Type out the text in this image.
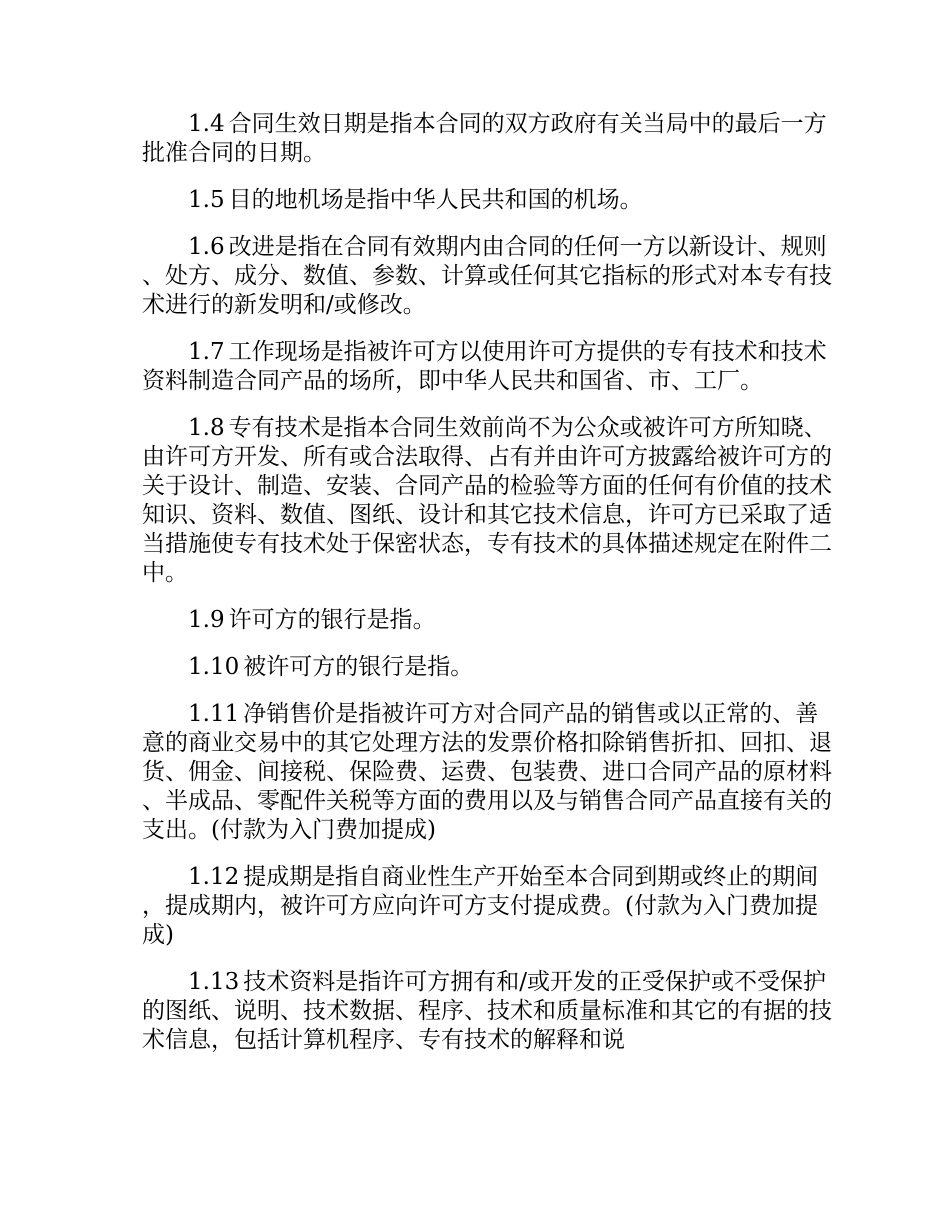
1.4 合同生效日期是指本合同的双方政府有关当局中的最后一方批准合同的日期。

1.5 目的地机场是指中华人民共和国的机场。

1.6 改进是指在合同有效期内由合同的任何一方以新设计、规则、处方、成分、数值、参数、计算或任何其它指标的形式对本专有技术进行的新发明和/或修改。

1.7 工作现场是指被许可方以使用许可方提供的专有技术和技术资料制造合同产品的场所，即中华人民共和国省、市、工厂。

1.8 专有技术是指本合同生效前尚不为公众或被许可方所知晓、由许可方开发、所有或合法取得、占有并由许可方披露给被许可方的关于设计、制造、安装、合同产品的检验等方面的任何有价值的技术知识、资料、数值、图纸、设计和其它技术信息，许可方已采取了适当措施使专有技术处于保密状态，专有技术的具体描述规定在附件二中。

1.9 许可方的银行是指。

1.10 被许可方的银行是指。

1.11 净销售价是指被许可方对合同产品的销售或以正常的、善意的商业交易中的其它处理方法的发票价格扣除销售折扣、回扣、退货、佣金、间接税、保险费、运费、包装费、进口合同产品的原材料、半成品、零配件关税等方面的费用以及与销售合同产品直接有关的支出。(付款为入门费加提成)

1.12 提成期是指自商业性生产开始至本合同到期或终止的期间，提成期内，被许可方应向许可方支付提成费。(付款为入门费加提成)

1.13 技术资料是指许可方拥有和/或开发的正受保护或不受保护的图纸、说明、技术数据、程序、技术和质量标准和其它的有据的技术信息，包括计算机程序、专有技术的解释和说
